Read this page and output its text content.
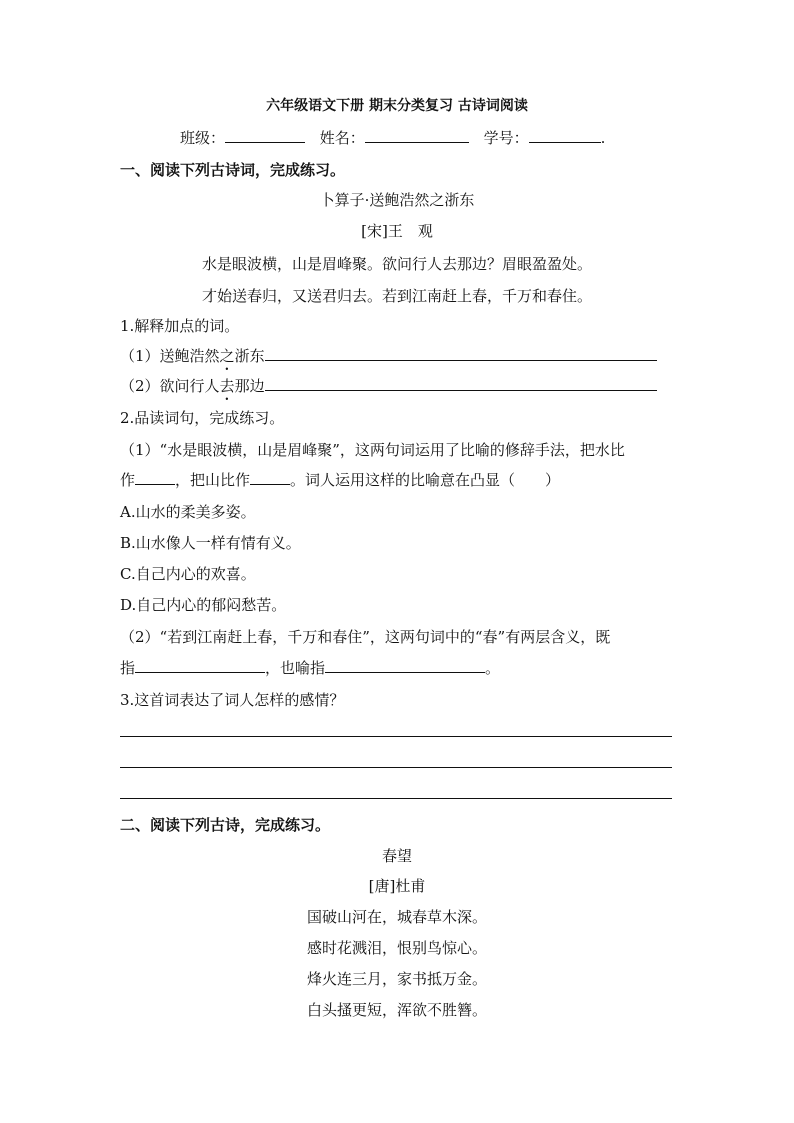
六年级语文下册 期末分类复习 古诗词阅读
班级：	姓名：	学号：	.
一、阅读下列古诗词，完成练习。
卜算子·送鲍浩然之浙东
[宋]王　观
水是眼波横，山是眉峰聚。欲问行人去那边？眉眼盈盈处。
才始送春归，又送君归去。若到江南赶上春，千万和春住。
1.解释加点的词。
（1）送鲍浩然之浙东
（2）欲问行人去那边
2.品读词句，完成练习。
（1）“水是眼波横，山是眉峰聚”，这两句词运用了比喻的修辞手法，把水比
作	，把山比作	。词人运用这样的比喻意在凸显（　　）
A.山水的柔美多姿。
B.山水像人一样有情有义。
C.自己内心的欢喜。
D.自己内心的郁闷愁苦。
（2）“若到江南赶上春，千万和春住”，这两句词中的“春”有两层含义，既
指	，也喻指	。
3.这首词表达了词人怎样的感情？
二、阅读下列古诗，完成练习。
春望
[唐]杜甫
国破山河在，城春草木深。
感时花溅泪，恨别鸟惊心。
烽火连三月，家书抵万金。
白头搔更短，浑欲不胜簪。
